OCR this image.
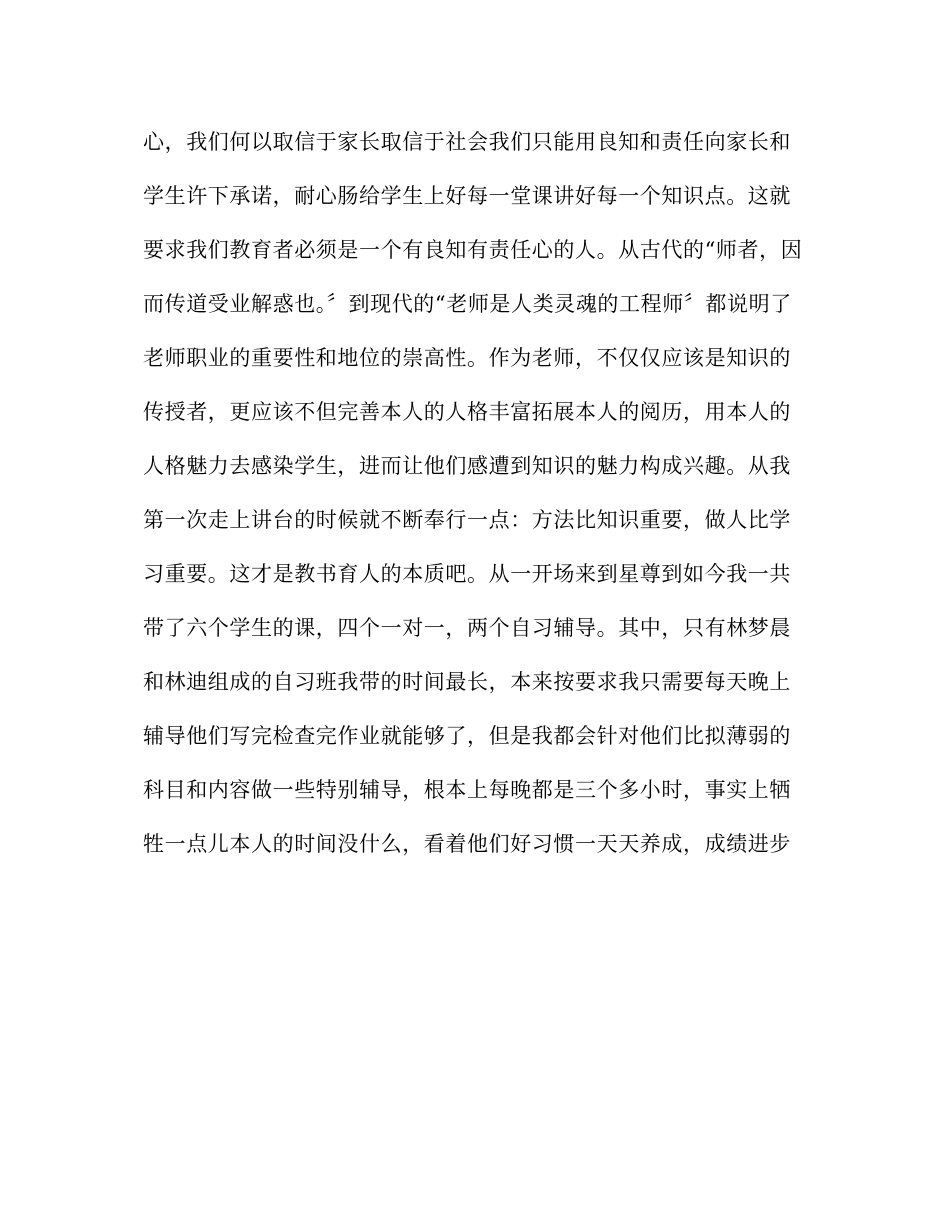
心，我们何以取信于家长取信于社会我们只能用良知和责任向家长和
学生许下承诺，耐心肠给学生上好每一堂课讲好每一个知识点。这就
要求我们教育者必须是一个有良知有责任心的人。从古代的“师者，因
而传道受业解惑也。〞到现代的“老师是人类灵魂的工程师〞都说明了
老师职业的重要性和地位的崇高性。作为老师，不仅仅应该是知识的
传授者，更应该不但完善本人的人格丰富拓展本人的阅历，用本人的
人格魅力去感染学生，进而让他们感遭到知识的魅力构成兴趣。从我
第一次走上讲台的时候就不断奉行一点：方法比知识重要，做人比学
习重要。这才是教书育人的本质吧。从一开场来到星尊到如今我一共
带了六个学生的课，四个一对一，两个自习辅导。其中，只有林梦晨
和林迪组成的自习班我带的时间最长，本来按要求我只需要每天晚上
辅导他们写完检查完作业就能够了，但是我都会针对他们比拟薄弱的
科目和内容做一些特别辅导，根本上每晚都是三个多小时，事实上牺
牲一点儿本人的时间没什么，看着他们好习惯一天天养成，成绩进步
